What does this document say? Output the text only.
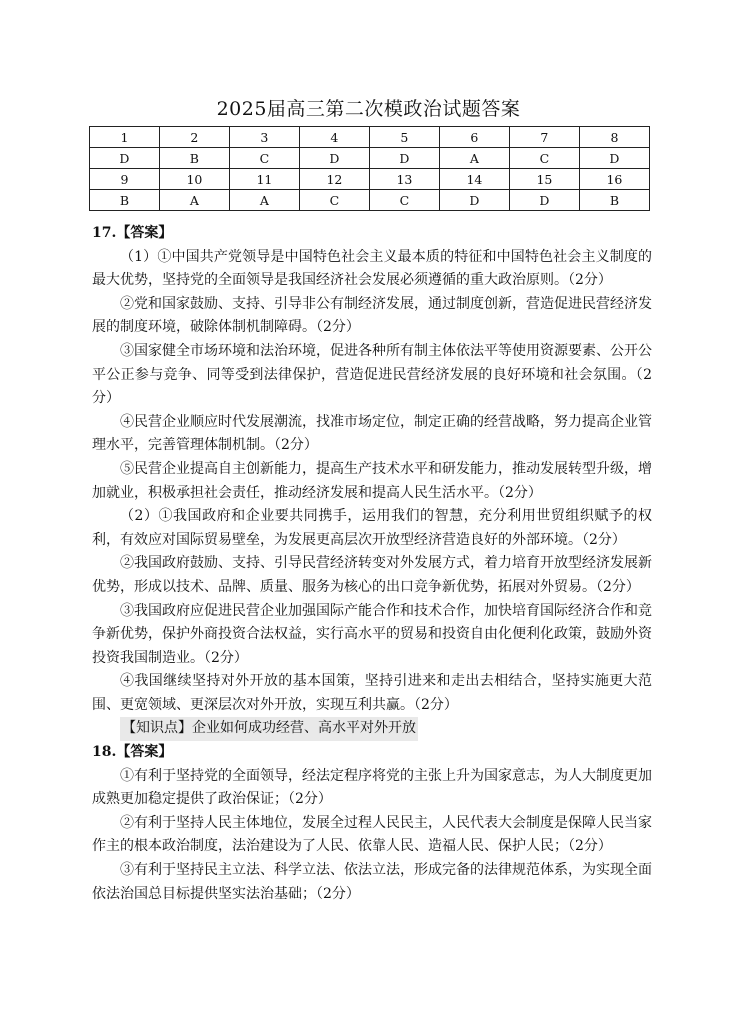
2025届高三第二次模政治试题答案
1	2	3	4	5	6	7	8
D	B	C	D	D	A	C	D
9	10	11	12	13	14	15	16
B	A	A	C	C	D	D	B

17.【答案】

（1）①中国共产党领导是中国特色社会主义最本质的特征和中国特色社会主义制度的最大优势，坚持党的全面领导是我国经济社会发展必须遵循的重大政治原则。（2分）

②党和国家鼓励、支持、引导非公有制经济发展，通过制度创新，营造促进民营经济发展的制度环境，破除体制机制障碍。（2分）

③国家健全市场环境和法治环境，促进各种所有制主体依法平等使用资源要素、公开公平公正参与竞争、同等受到法律保护，营造促进民营经济发展的良好环境和社会氛围。（2分）

④民营企业顺应时代发展潮流，找准市场定位，制定正确的经营战略，努力提高企业管理水平，完善管理体制机制。（2分）

⑤民营企业提高自主创新能力，提高生产技术水平和研发能力，推动发展转型升级，增加就业，积极承担社会责任，推动经济发展和提高人民生活水平。（2分）

（2）①我国政府和企业要共同携手，运用我们的智慧，充分利用世贸组织赋予的权利，有效应对国际贸易壁垒，为发展更高层次开放型经济营造良好的外部环境。（2分）

②我国政府鼓励、支持、引导民营经济转变对外发展方式，着力培育开放型经济发展新优势，形成以技术、品牌、质量、服务为核心的出口竞争新优势，拓展对外贸易。（2分）

③我国政府应促进民营企业加强国际产能合作和技术合作，加快培育国际经济合作和竞争新优势，保护外商投资合法权益，实行高水平的贸易和投资自由化便利化政策，鼓励外资投资我国制造业。（2分）

④我国继续坚持对外开放的基本国策，坚持引进来和走出去相结合，坚持实施更大范围、更宽领域、更深层次对外开放，实现互利共赢。（2分）

【知识点】企业如何成功经营、高水平对外开放

18.【答案】

①有利于坚持党的全面领导，经法定程序将党的主张上升为国家意志，为人大制度更加成熟更加稳定提供了政治保证；（2分）

②有利于坚持人民主体地位，发展全过程人民民主，人民代表大会制度是保障人民当家作主的根本政治制度，法治建设为了人民、依靠人民、造福人民、保护人民；（2分）

③有利于坚持民主立法、科学立法、依法立法，形成完备的法律规范体系，为实现全面依法治国总目标提供坚实法治基础；（2分）
